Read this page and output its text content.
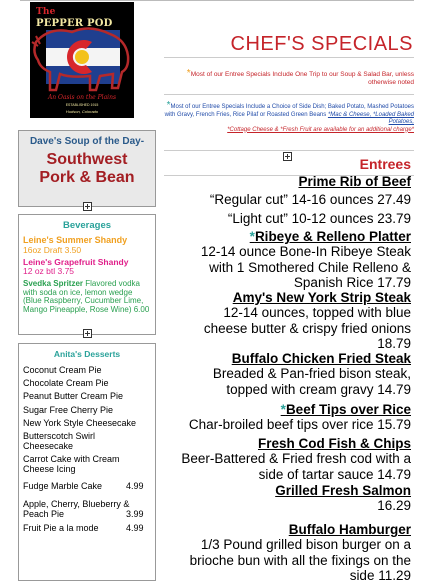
The
PEPPER POD
An Oasis on the Plains
ESTABLISHED 1915
Hudson, Colorado
CHEF'S SPECIALS
*Most of our Entree Specials Include One Trip to our Soup & Salad Bar, unless otherwise noted
*Most of our Entree Specials Include a Choice of Side Dish; Baked Potato, Mashed Potatoes with Gravy, French Fries, Rice Pilaf or Roasted Green Beans *Mac & Cheese, *Loaded Baked Potatoes,
*Cottage Cheese & *Fresh Fruit are available for an additional charge*
Dave's Soup of the Day-
Southwest
Pork & Bean
Beverages
Leine's Summer Shandy
16oz Draft 3.50
Leine's Grapefruit Shandy
12 oz btl 3.75
Svedka Spritzer Flavored vodka with soda on ice, lemon wedge (Blue Raspberry, Cucumber Lime, Mango Pineapple, Rose Wine) 6.00
Anita's Desserts
Coconut Cream Pie
Chocolate Cream Pie
Peanut Butter Cream Pie
Sugar Free Cherry Pie
New York Style Cheesecake
Butterscotch Swirl Cheesecake
Carrot Cake with Cream Cheese Icing
Fudge Marble Cake	4.99
Apple, Cherry, Blueberry & Peach Pie	3.99
Fruit Pie a la mode	4.99
Entrees
Prime Rib of Beef
“Regular cut” 14-16 ounces 27.49
“Light cut” 10-12 ounces 23.79
*Ribeye & Relleno Platter
12-14 ounce Bone-In Ribeye Steak
with 1 Smothered Chile Relleno &
Spanish Rice 17.79
Amy's New York Strip Steak
12-14 ounces, topped with blue
cheese butter & crispy fried onions
18.79
Buffalo Chicken Fried Steak
Breaded & Pan-fried bison steak,
topped with cream gravy 14.79
*Beef Tips over Rice
Char-broiled beef tips over rice 15.79
Fresh Cod Fish & Chips
Beer-Battered & Fried fresh cod with a
side of tartar sauce 14.79
Grilled Fresh Salmon
16.29
Buffalo Hamburger
1/3 Pound grilled bison burger on a
brioche bun with all the fixings on the
side 11.29
